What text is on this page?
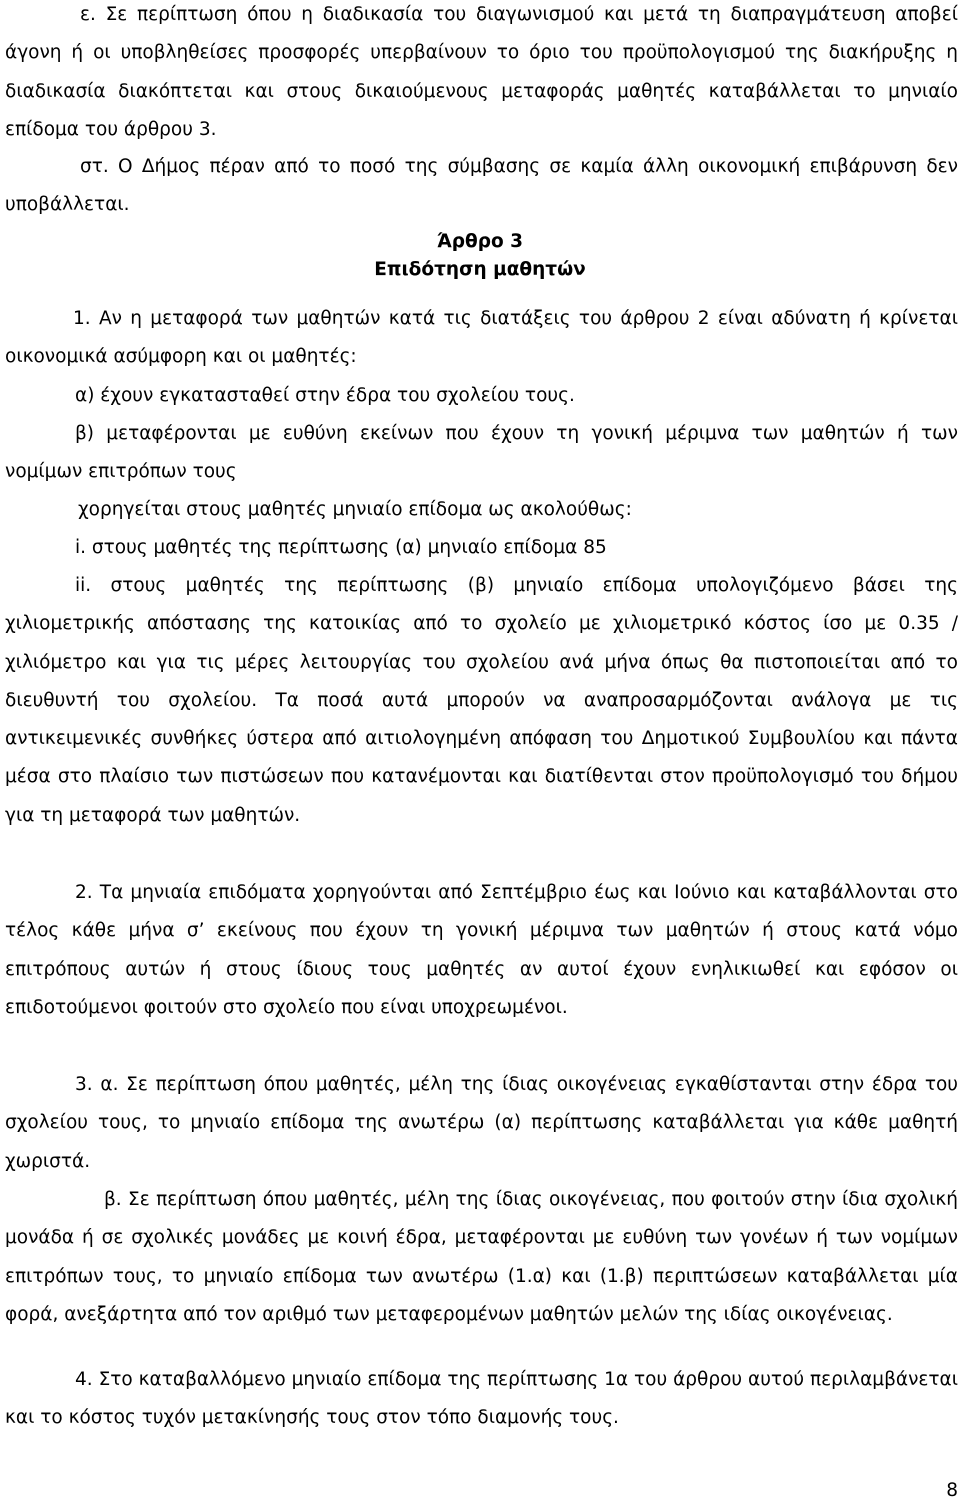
ε. Σε περίπτωση όπου η διαδικασία του διαγωνισμού και μετά τη διαπραγμάτευση αποβεί άγονη ή οι υποβληθείσες προσφορές υπερβαίνουν το όριο του προϋπολογισμού της διακήρυξης η διαδικασία διακόπτεται και στους δικαιούμενους μεταφοράς μαθητές καταβάλλεται το μηνιαίο επίδομα του άρθρου 3.
στ. Ο Δήμος πέραν από το ποσό της σύμβασης σε καμία άλλη οικονομική επιβάρυνση δεν υποβάλλεται.
Άρθρο 3
Επιδότηση μαθητών
1. Αν η μεταφορά των μαθητών κατά τις διατάξεις του άρθρου 2 είναι αδύνατη ή κρίνεται οικονομικά ασύμφορη και οι μαθητές:
α) έχουν εγκατασταθεί στην έδρα του σχολείου τους.
β) μεταφέρονται με ευθύνη εκείνων που έχουν τη γονική μέριμνα των μαθητών ή των νομίμων επιτρόπων τους
χορηγείται στους μαθητές μηνιαίο επίδομα ως ακολούθως:
i. στους μαθητές της περίπτωσης (α) μηνιαίο επίδομα 85
ii. στους μαθητές της περίπτωσης (β) μηνιαίο επίδομα υπολογιζόμενο βάσει της χιλιομετρικής απόστασης της κατοικίας από το σχολείο με χιλιομετρικό κόστος ίσο με 0.35 /χιλιόμετρο και για τις μέρες λειτουργίας του σχολείου ανά μήνα όπως θα πιστοποιείται από το διευθυντή του σχολείου. Τα ποσά αυτά μπορούν να αναπροσαρμόζονται ανάλογα με τις αντικειμενικές συνθήκες ύστερα από αιτιολογημένη απόφαση του Δημοτικού Συμβουλίου και πάντα μέσα στο πλαίσιο των πιστώσεων που κατανέμονται και διατίθενται στον προϋπολογισμό του δήμου για τη μεταφορά των μαθητών.
2. Τα μηνιαία επιδόματα χορηγούνται από Σεπτέμβριο έως και Ιούνιο και καταβάλλονται στο τέλος κάθε μήνα σ’ εκείνους που έχουν τη γονική μέριμνα των μαθητών ή στους κατά νόμο επιτρόπους αυτών ή στους ίδιους τους μαθητές αν αυτοί έχουν ενηλικιωθεί και εφόσον οι επιδοτούμενοι φοιτούν στο σχολείο που είναι υποχρεωμένοι.
3. α. Σε περίπτωση όπου μαθητές, μέλη της ίδιας οικογένειας εγκαθίστανται στην έδρα του σχολείου τους, το μηνιαίο επίδομα της ανωτέρω (α) περίπτωσης καταβάλλεται για κάθε μαθητή χωριστά.
β. Σε περίπτωση όπου μαθητές, μέλη της ίδιας οικογένειας, που φοιτούν στην ίδια σχολική μονάδα ή σε σχολικές μονάδες με κοινή έδρα, μεταφέρονται με ευθύνη των γονέων ή των νομίμων επιτρόπων τους, το μηνιαίο επίδομα των ανωτέρω (1.α) και (1.β) περιπτώσεων καταβάλλεται μία φορά, ανεξάρτητα από τον αριθμό των μεταφερομένων μαθητών μελών της ιδίας οικογένειας.
4. Στο καταβαλλόμενο μηνιαίο επίδομα της περίπτωσης 1α του άρθρου αυτού περιλαμβάνεται και το κόστος τυχόν μετακίνησής τους στον τόπο διαμονής τους.
8
